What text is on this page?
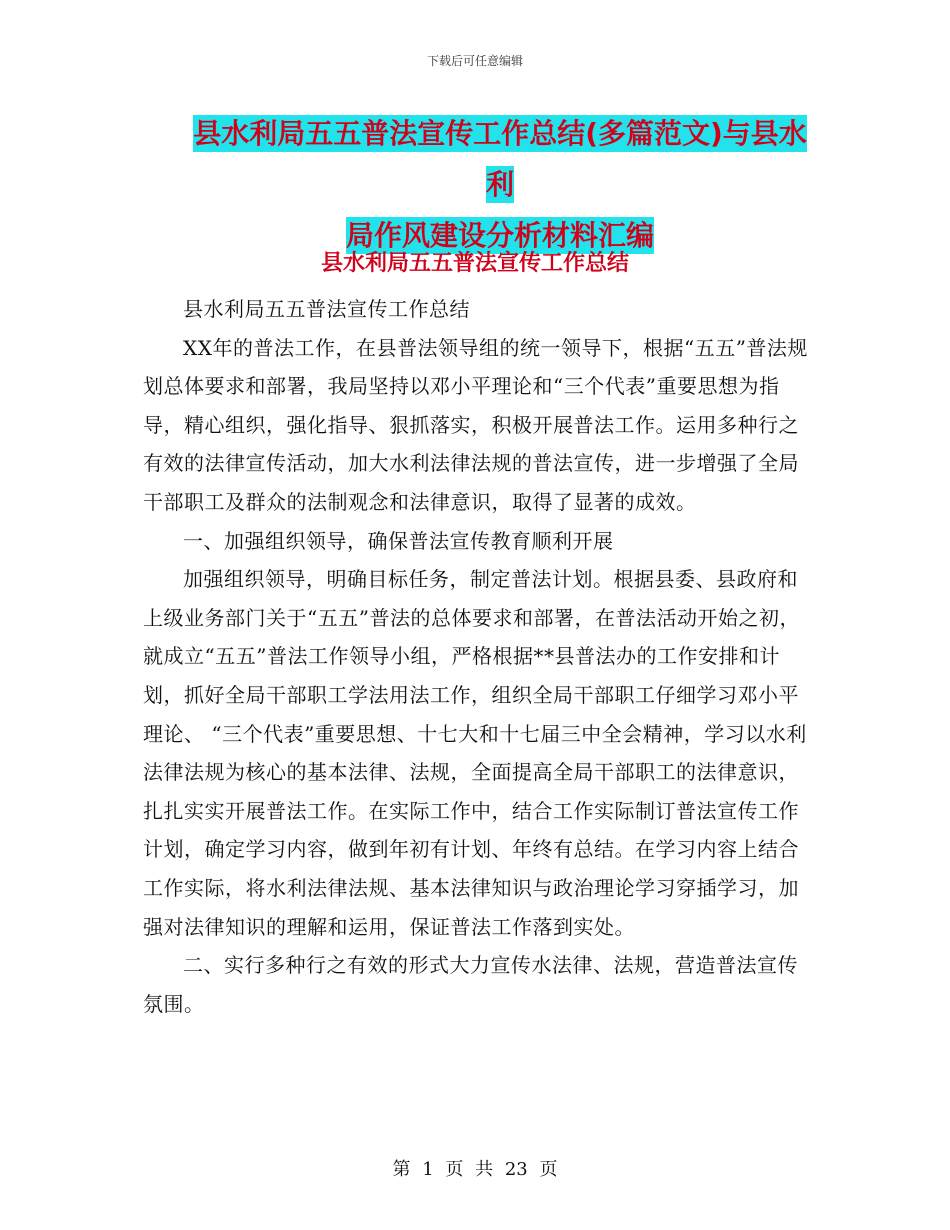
下载后可任意编辑
县水利局五五普法宣传工作总结(多篇范文)与县水利
局作风建设分析材料汇编
县水利局五五普法宣传工作总结

县水利局五五普法宣传工作总结

XX年的普法工作，在县普法领导组的统一领导下，根据“五五”普法规划总体要求和部署，我局坚持以邓小平理论和“三个代表”重要思想为指导，精心组织，强化指导、狠抓落实，积极开展普法工作。运用多种行之有效的法律宣传活动，加大水利法律法规的普法宣传，进一步增强了全局干部职工及群众的法制观念和法律意识，取得了显著的成效。

一、加强组织领导，确保普法宣传教育顺利开展

加强组织领导，明确目标任务，制定普法计划。根据县委、县政府和上级业务部门关于“五五”普法的总体要求和部署，在普法活动开始之初，就成立“五五”普法工作领导小组，严格根据**县普法办的工作安排和计划，抓好全局干部职工学法用法工作，组织全局干部职工仔细学习邓小平理论、 “三个代表”重要思想、十七大和十七届三中全会精神，学习以水利法律法规为核心的基本法律、法规，全面提高全局干部职工的法律意识，扎扎实实开展普法工作。在实际工作中，结合工作实际制订普法宣传工作计划，确定学习内容，做到年初有计划、年终有总结。在学习内容上结合工作实际，将水利法律法规、基本法律知识与政治理论学习穿插学习，加强对法律知识的理解和运用，保证普法工作落到实处。

二、实行多种行之有效的形式大力宣传水法律、法规，营造普法宣传氛围。

第 1 页 共 23 页
